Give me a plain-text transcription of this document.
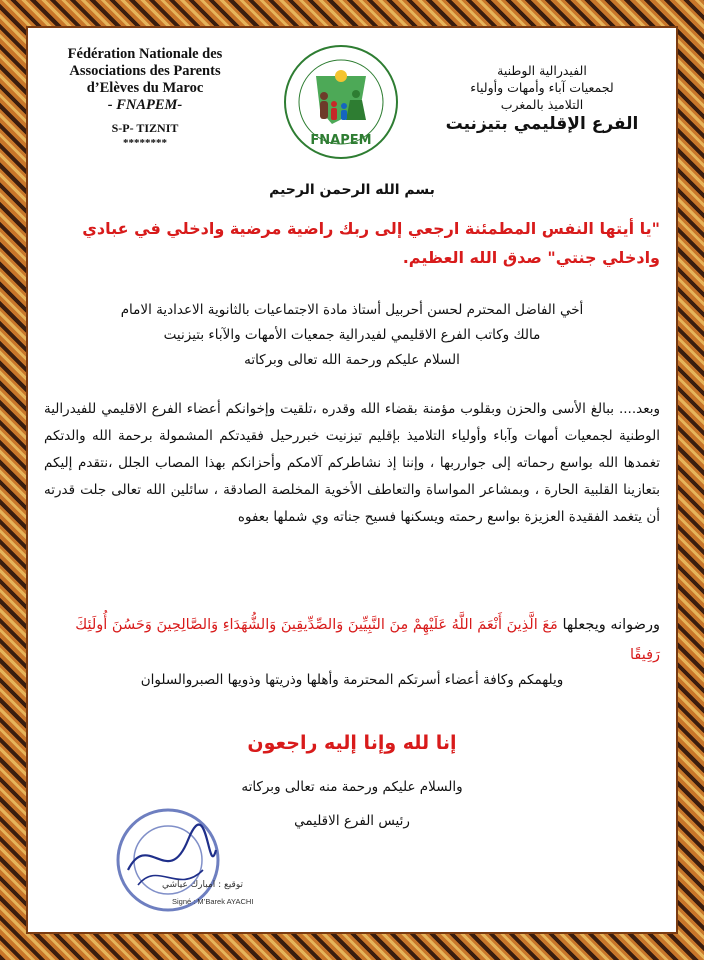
Fédération Nationale des
Associations des Parents
d’Elèves du Maroc
- FNAPEM-
S-P- TIZNIT
********	FNAPEM
الفيدرالية الوطنية
لجمعيات آباء وأمهات وأولياء
التلاميذ بالمغرب
الفرع الإقليمي بتيزنيت
بسم الله الرحمن الرحيم
"يا أيتها النفس المطمئنة ارجعي إلى ربك راضية مرضية وادخلي في عبادي وادخلي جنتي" صدق الله العظيم.
أخي الفاضل المحترم لحسن أحربيل أستاذ مادة الاجتماعيات بالثانوية الاعدادية الامام
مالك وكاتب الفرع الاقليمي لفيدرالية جمعيات الأمهات والآباء بتيزنيت
السلام عليكم ورحمة الله تعالى وبركاته
وبعد.... ببالغ الأسى والحزن وبقلوب مؤمنة بقضاء الله وقدره ،تلقيت وإخوانكم أعضاء الفرع الاقليمي للفيدرالية الوطنية لجمعيات أمهات وآباء وأولياء التلاميذ بإقليم تيزنيت خبررحيل فقيدتكم المشمولة برحمة الله والدتكم تغمدها الله بواسع رحماته إلى جوارربها ، وإننا إذ نشاطركم آلامكم وأحزانكم بهذا المصاب الجلل ،نتقدم إليكم بتعازينا القلبية الحارة ، وبمشاعر المواساة والتعاطف الأخوية المخلصة الصادقة ، سائلين الله تعالى جلت قدرته أن يتغمد الفقيدة العزيزة بواسع رحمته ويسكنها فسيح جناته وي شملها بعفوه
ورضوانه ويجعلها مَعَ الَّذِينَ أَنْعَمَ اللَّهُ عَلَيْهِمْ مِنَ النَّبِيِّينَ وَالصِّدِّيقِينَ وَالشُّهَدَاءِ وَالصَّالِحِينَ وَحَسُنَ أُولَئِكَ رَفِيقًا
ويلهمكم وكافة أعضاء أسرتكم المحترمة وأهلها وذريتها وذويها الصبروالسلوان
إنا لله وإنا إليه راجعون
والسلام عليكم ورحمة منه تعالى وبركاته
رئيس الفرع الاقليمي
توقيع : امبارك عياشي
Signé : M’Barek AYACHI
